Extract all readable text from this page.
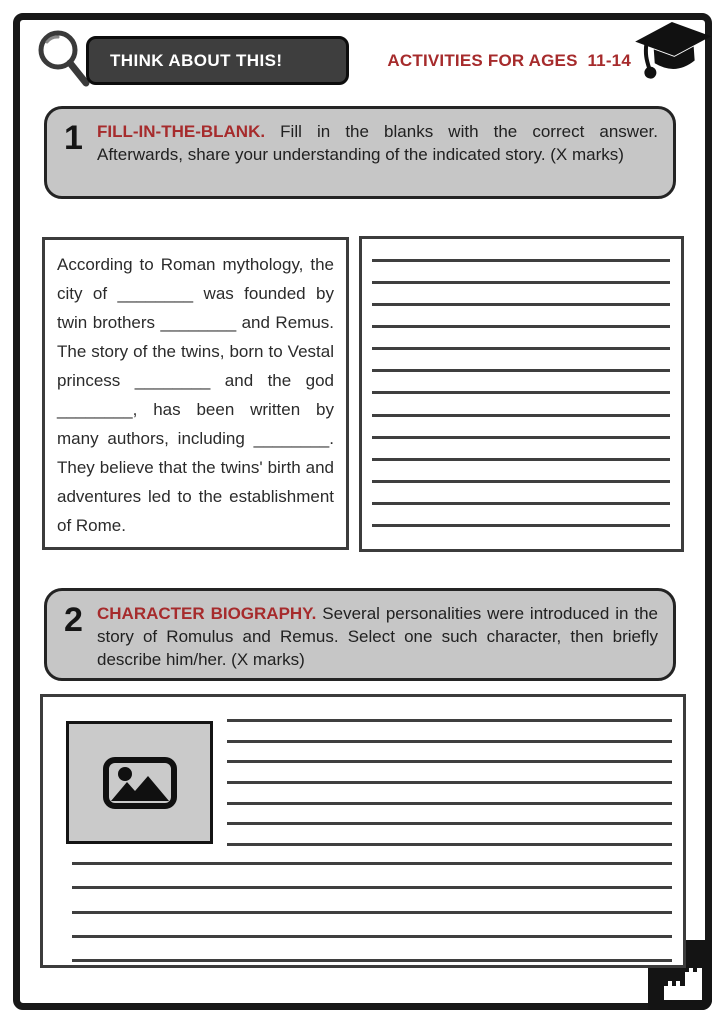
THINK ABOUT THIS!	ACTIVITIES FOR AGES  11-14
1 FILL-IN-THE-BLANK. Fill in the blanks with the correct answer. Afterwards, share your understanding of the indicated story. (X marks)
According to Roman mythology, the city of ________ was founded by twin brothers ________ and Remus. The story of the twins, born to Vestal princess ________ and the god ________, has been written by many authors, including ________. They believe that the twins' birth and adventures led to the establishment of Rome.
2 CHARACTER BIOGRAPHY. Several personalities were introduced in the story of Romulus and Remus. Select one such character, then briefly describe him/her. (X marks)
